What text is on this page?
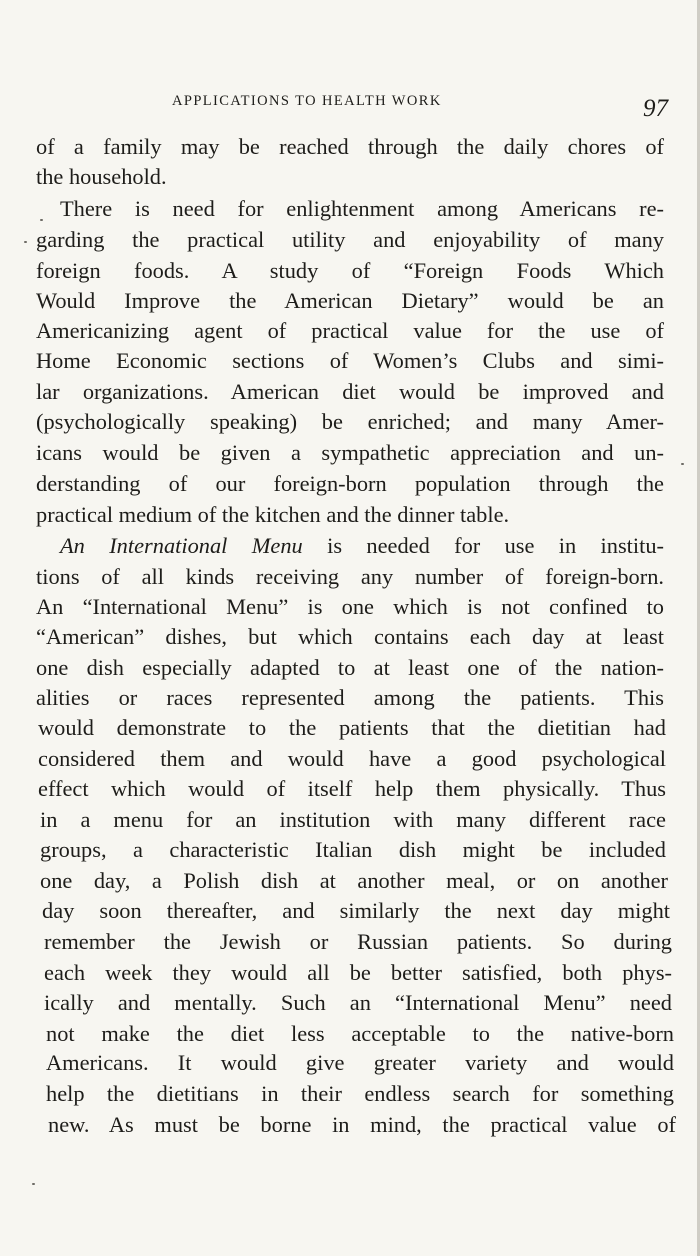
APPLICATIONS TO HEALTH WORK	97
of a family may be reached through the daily chores of
the household.
There is need for enlightenment among Americans re-
garding the practical utility and enjoyability of many
foreign foods. A study of “Foreign Foods Which
Would Improve the American Dietary” would be an
Americanizing agent of practical value for the use of
Home Economic sections of Women’s Clubs and simi-
lar organizations. American diet would be improved and
(psychologically speaking) be enriched; and many Amer-
icans would be given a sympathetic appreciation and un-
derstanding of our foreign-born population through the
practical medium of the kitchen and the dinner table.
An International Menu is needed for use in institu-
tions of all kinds receiving any number of foreign-born.
An “International Menu” is one which is not confined to
“American” dishes, but which contains each day at least
one dish especially adapted to at least one of the nation-
alities or races represented among the patients. This
would demonstrate to the patients that the dietitian had
considered them and would have a good psychological
effect which would of itself help them physically. Thus
in a menu for an institution with many different race
groups, a characteristic Italian dish might be included
one day, a Polish dish at another meal, or on another
day soon thereafter, and similarly the next day might
remember the Jewish or Russian patients. So during
each week they would all be better satisfied, both phys-
ically and mentally. Such an “International Menu” need
not make the diet less acceptable to the native-born
Americans. It would give greater variety and would
help the dietitians in their endless search for something
new. As must be borne in mind, the practical value of
